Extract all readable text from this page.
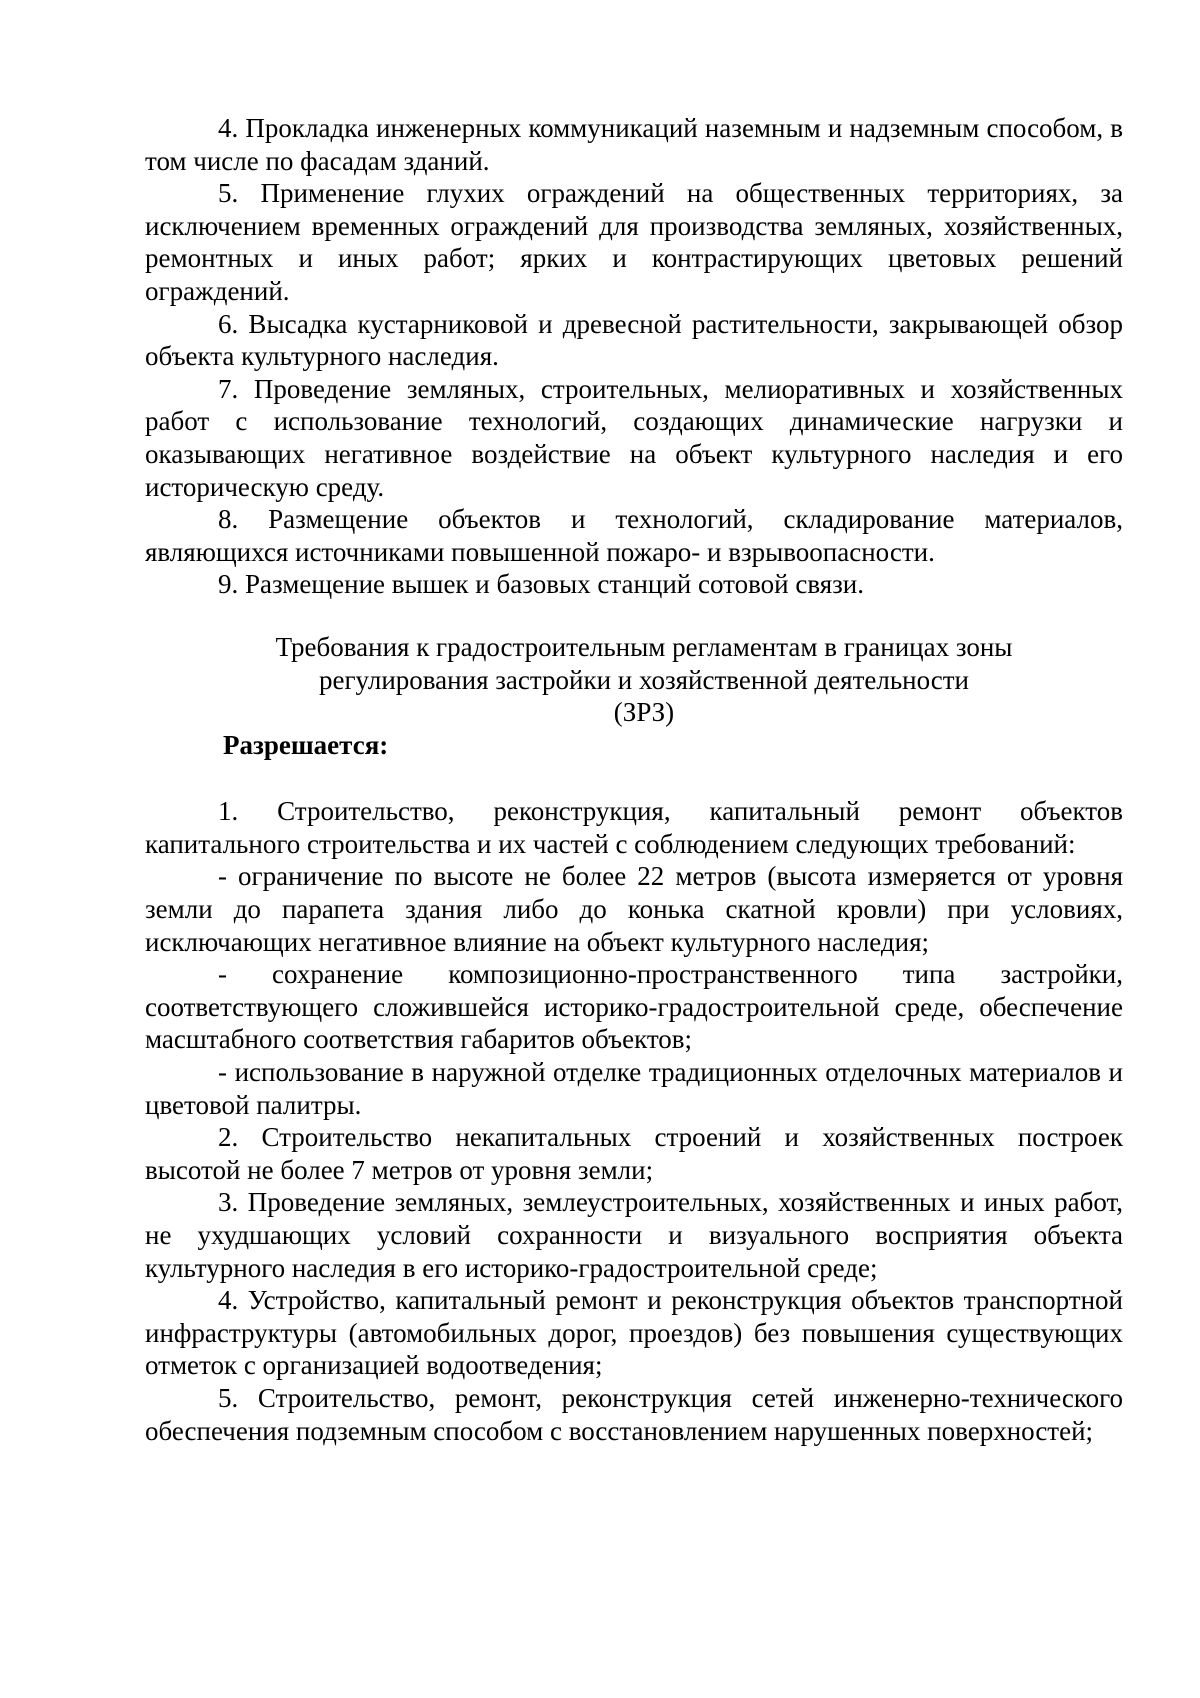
4. Прокладка инженерных коммуникаций наземным и надземным способом, в том числе по фасадам зданий.

5. Применение глухих ограждений на общественных территориях, за исключением временных ограждений для производства земляных, хозяйственных, ремонтных и иных работ; ярких и контрастирующих цветовых решений ограждений.

6. Высадка кустарниковой и древесной растительности, закрывающей обзор объекта культурного наследия.

7. Проведение земляных, строительных, мелиоративных и хозяйственных работ с использование технологий, создающих динамические нагрузки и оказывающих негативное воздействие на объект культурного наследия и его историческую среду.

8. Размещение объектов и технологий, складирование материалов, являющихся источниками повышенной пожаро- и взрывоопасности.

9. Размещение вышек и базовых станций сотовой связи.

Требования к градостроительным регламентам в границах зоны

регулирования застройки и хозяйственной деятельности

(ЗРЗ)

Разрешается:

1. Строительство, реконструкция, капитальный ремонт объектов капитального строительства и их частей с соблюдением следующих требований:

- ограничение по высоте не более 22 метров (высота измеряется от уровня земли до парапета здания либо до конька скатной кровли) при условиях, исключающих негативное влияние на объект культурного наследия;

- сохранение композиционно-пространственного типа застройки, соответствующего сложившейся историко-градостроительной среде, обеспечение масштабного соответствия габаритов объектов;

- использование в наружной отделке традиционных отделочных материалов и цветовой палитры.

2. Строительство некапитальных строений и хозяйственных построек высотой не более 7 метров от уровня земли;

3. Проведение земляных, землеустроительных, хозяйственных и иных работ, не ухудшающих условий сохранности и визуального восприятия объекта культурного наследия в его историко-градостроительной среде;

4. Устройство, капитальный ремонт и реконструкция объектов транспортной инфраструктуры (автомобильных дорог, проездов) без повышения существующих отметок с организацией водоотведения;

5. Строительство, ремонт, реконструкция сетей инженерно-технического обеспечения подземным способом с восстановлением нарушенных поверхностей;
